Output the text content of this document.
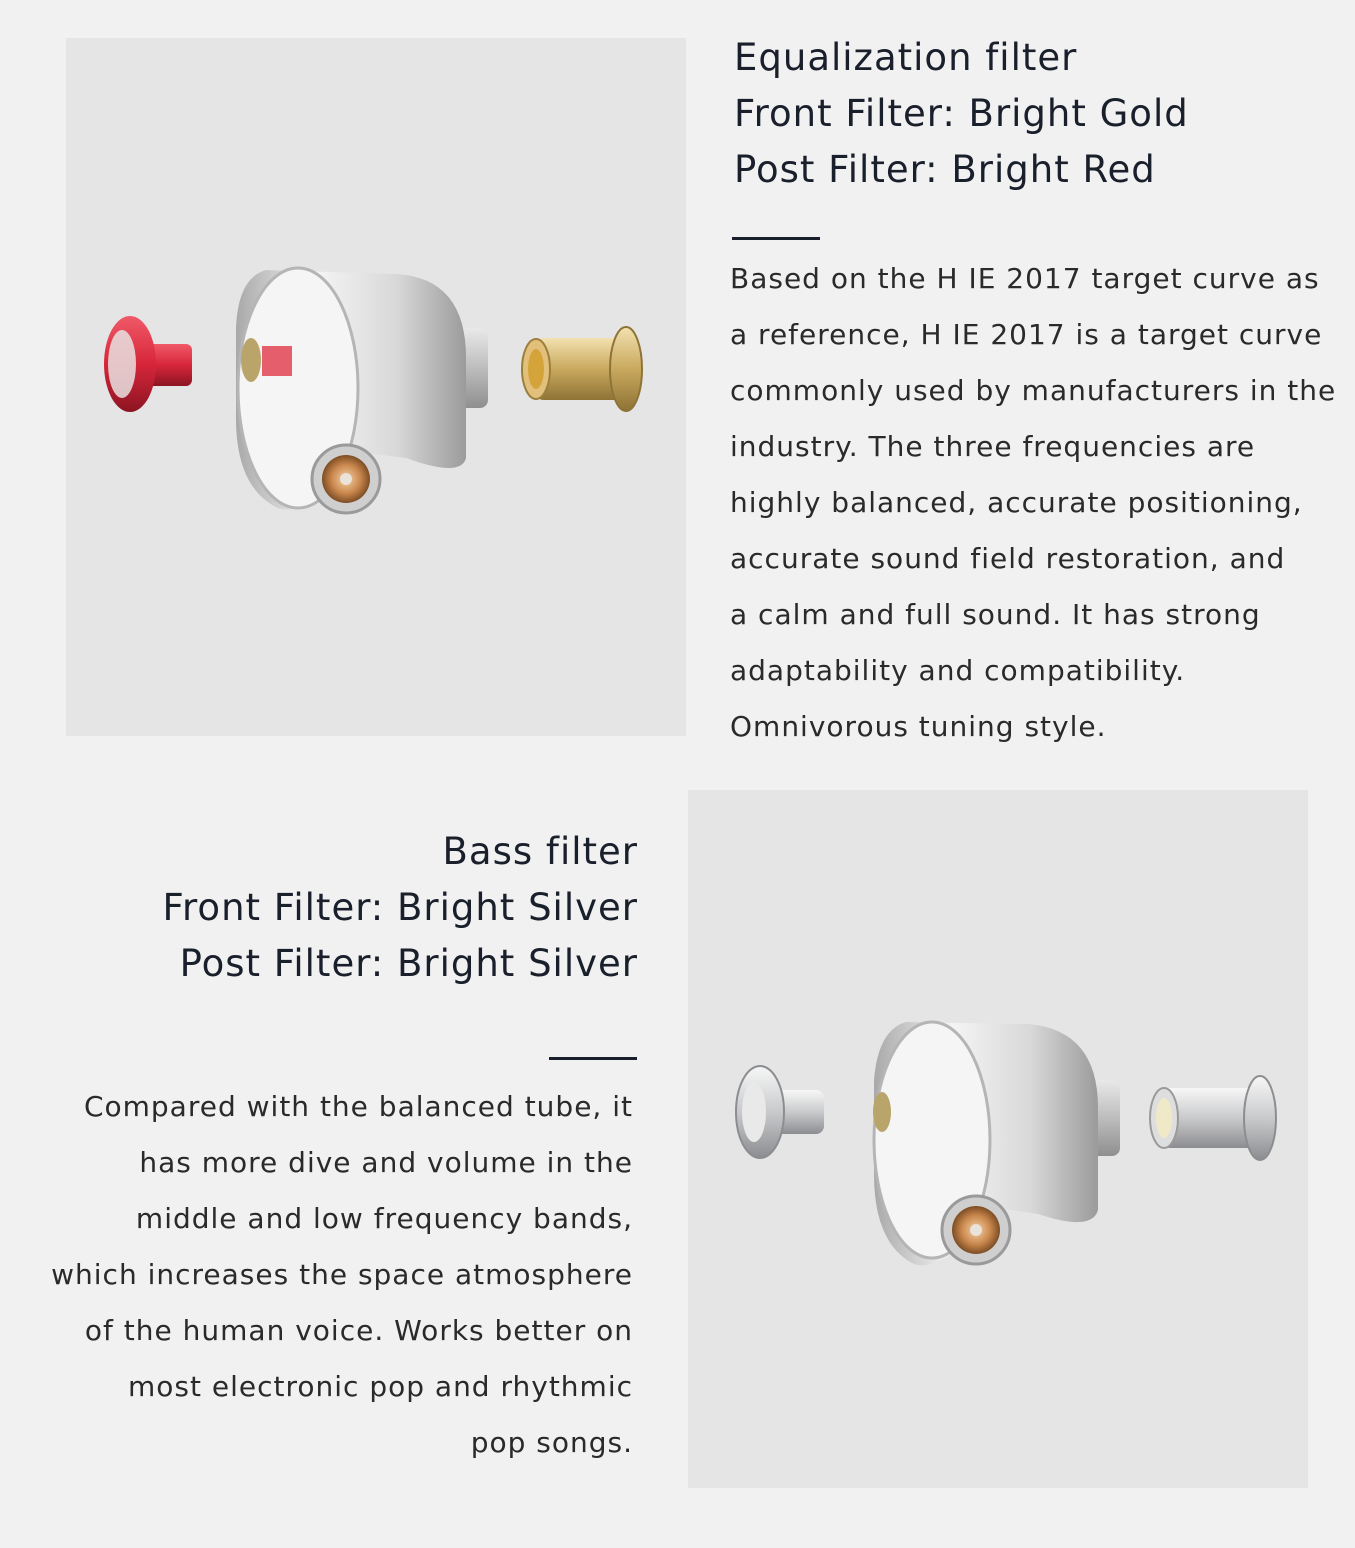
Equalization filter
Front Filter: Bright Gold
Post Filter: Bright Red
Based on the H IE 2017 target curve as
a reference, H IE 2017 is a target curve
commonly used by manufacturers in the
industry. The three frequencies are
highly balanced, accurate positioning,
accurate sound field restoration, and
a calm and full sound. It has strong
adaptability and compatibility.
Omnivorous tuning style.
Bass filter
Front Filter: Bright Silver
Post Filter: Bright Silver
Compared with the balanced tube, it
has more dive and volume in the
middle and low frequency bands,
which increases the space atmosphere
of the human voice. Works better on
most electronic pop and rhythmic
pop songs.
